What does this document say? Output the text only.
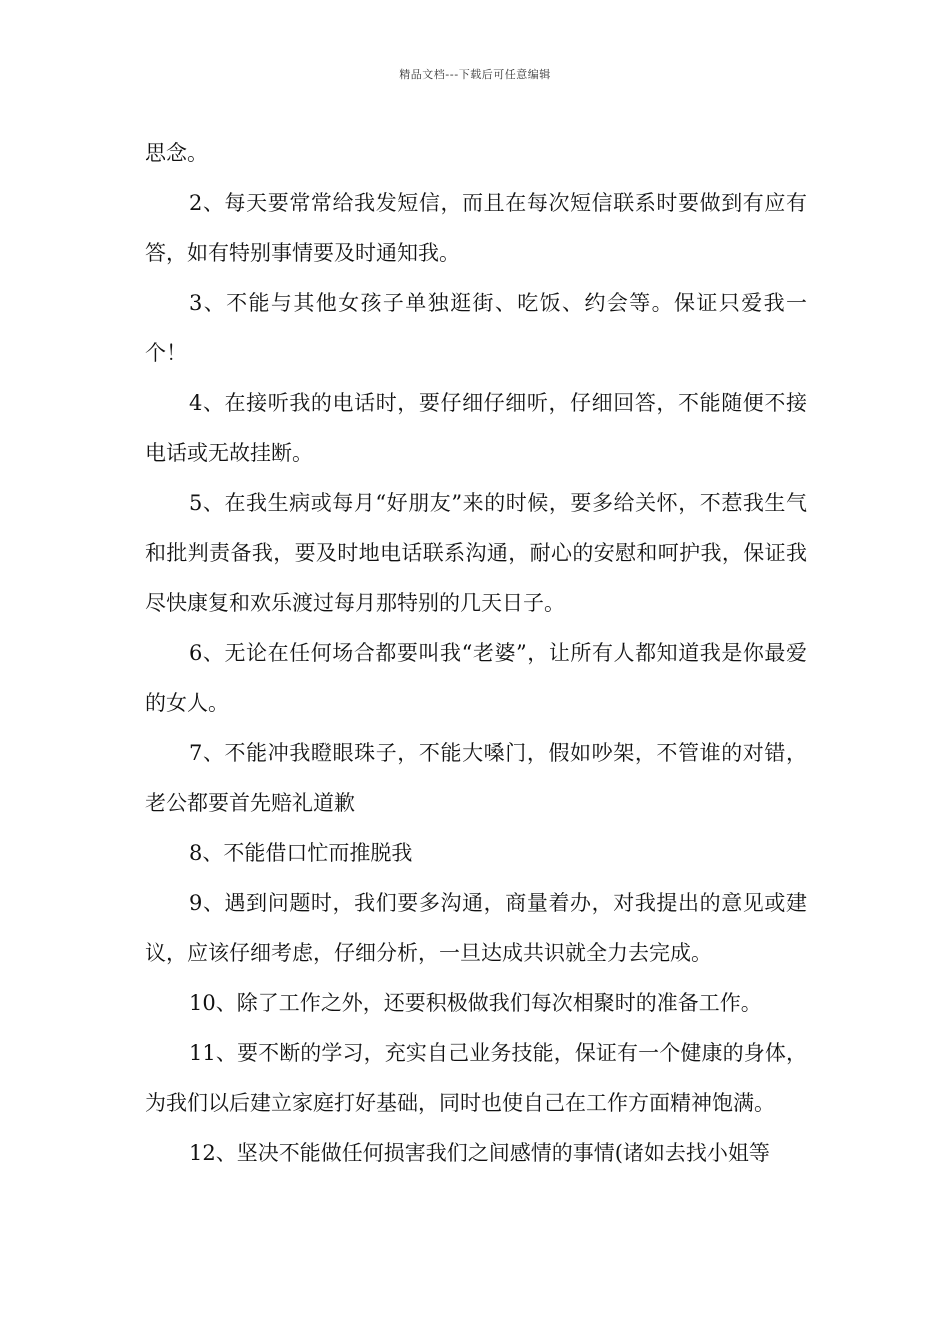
精品文档---下载后可任意编辑

思念。

2、每天要常常给我发短信，而且在每次短信联系时要做到有应有答，如有特别事情要及时通知我。

3、不能与其他女孩子单独逛街、吃饭、约会等。保证只爱我一个！

4、在接听我的电话时，要仔细仔细听，仔细回答，不能随便不接电话或无故挂断。

5、在我生病或每月“好朋友”来的时候，要多给关怀，不惹我生气和批判责备我，要及时地电话联系沟通，耐心的安慰和呵护我，保证我尽快康复和欢乐渡过每月那特别的几天日子。

6、无论在任何场合都要叫我“老婆”，让所有人都知道我是你最爱的女人。

7、不能冲我瞪眼珠子，不能大嗓门，假如吵架，不管谁的对错，老公都要首先赔礼道歉

8、不能借口忙而推脱我

9、遇到问题时，我们要多沟通，商量着办，对我提出的意见或建议，应该仔细考虑，仔细分析，一旦达成共识就全力去完成。

10、除了工作之外，还要积极做我们每次相聚时的准备工作。

11、要不断的学习，充实自己业务技能，保证有一个健康的身体，为我们以后建立家庭打好基础，同时也使自己在工作方面精神饱满。

12、坚决不能做任何损害我们之间感情的事情(诸如去找小姐等
